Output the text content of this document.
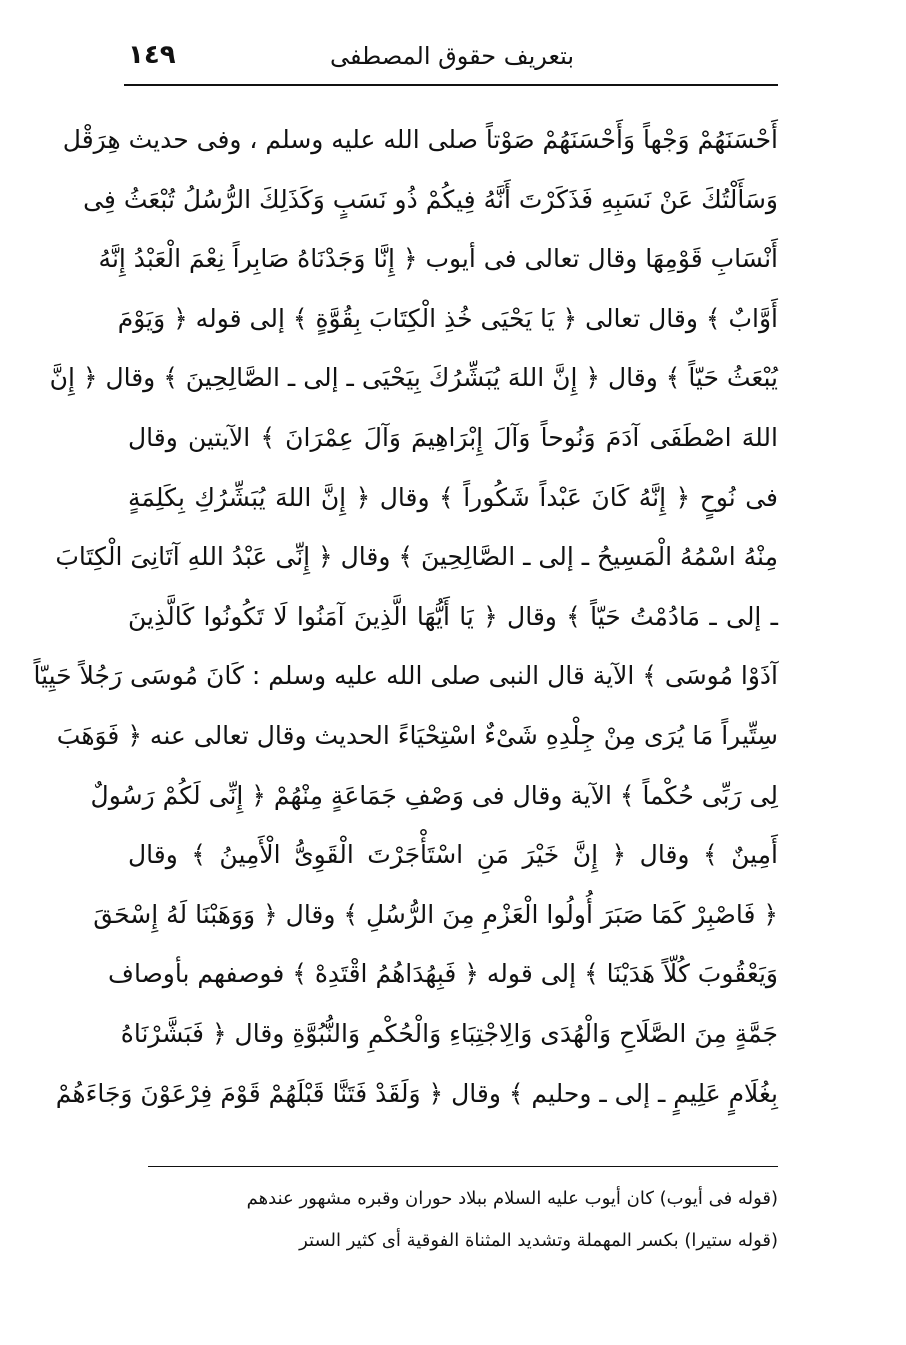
بتعريف حقوق المصطفى
١٤٩
أَحْسَنَهُمْ وَجْهاً وَأَحْسَنَهُمْ صَوْتاً صلى الله عليه وسلم ، وفى حديث هِرَقْل
وَسَأَلْتُكَ عَنْ نَسَبِهِ فَذَكَرْتَ أَنَّهُ فِيكُمْ ذُو نَسَبٍ وَكَذَلِكَ الرُّسُلُ تُبْعَثُ فِى
أَنْسَابِ قَوْمِهَا وقال تعالى فى أيوب ﴿ إِنَّا وَجَدْنَاهُ صَابِراً نِعْمَ الْعَبْدُ إِنَّهُ
أَوَّابٌ ﴾ وقال تعالى ﴿ يَا يَحْيَى خُذِ الْكِتَابَ بِقُوَّةٍ ﴾ إلى قوله ﴿ وَيَوْمَ
يُبْعَثُ حَيّاً ﴾ وقال ﴿ إِنَّ اللهَ يُبَشِّرُكَ بِيَحْيَى ـ إلى ـ الصَّالِحِينَ ﴾ وقال ﴿ إِنَّ
اللهَ اصْطَفَى آدَمَ وَنُوحاً وَآلَ إِبْرَاهِيمَ وَآلَ عِمْرَانَ ﴾ الآيتين وقال
فى نُوحٍ ﴿ إِنَّهُ كَانَ عَبْداً شَكُوراً ﴾ وقال ﴿ إِنَّ اللهَ يُبَشِّرُكِ بِكَلِمَةٍ
مِنْهُ اسْمُهُ الْمَسِيحُ ـ إلى ـ الصَّالِحِينَ ﴾ وقال ﴿ إِنِّى عَبْدُ اللهِ آتَانِىَ الْكِتَابَ
ـ إلى ـ مَادُمْتُ حَيّاً ﴾ وقال ﴿ يَا أَيُّهَا الَّذِينَ آمَنُوا لَا تَكُونُوا كَالَّذِينَ
آذَوْا مُوسَى ﴾ الآية قال النبى صلى الله عليه وسلم : كَانَ مُوسَى رَجُلاً حَيِيّاً
سِتِّيراً مَا يُرَى مِنْ جِلْدِهِ شَىْءٌ اسْتِحْيَاءً الحديث وقال تعالى عنه ﴿ فَوَهَبَ
لِى رَبِّى حُكْماً ﴾ الآية وقال فى وَصْفِ جَمَاعَةٍ مِنْهُمْ ﴿ إِنِّى لَكُمْ رَسُولٌ
أَمِينٌ ﴾ وقال ﴿ إِنَّ خَيْرَ مَنِ اسْتَأْجَرْتَ الْقَوِىُّ الْأَمِينُ ﴾ وقال
﴿ فَاصْبِرْ كَمَا صَبَرَ أُولُوا الْعَزْمِ مِنَ الرُّسُلِ ﴾ وقال ﴿ وَوَهَبْنَا لَهُ إِسْحَقَ
وَيَعْقُوبَ كُلّاً هَدَيْنَا ﴾ إلى قوله ﴿ فَبِهُدَاهُمُ اقْتَدِهْ ﴾ فوصفهم بأوصاف
جَمَّةٍ مِنَ الصَّلَاحِ وَالْهُدَى وَالِاجْتِبَاءِ وَالْحُكْمِ وَالنُّبُوَّةِ وقال ﴿ فَبَشَّرْنَاهُ
بِغُلَامٍ عَلِيمٍ ـ إلى ـ وحليم ﴾ وقال ﴿ وَلَقَدْ فَتَنَّا قَبْلَهُمْ قَوْمَ فِرْعَوْنَ وَجَاءَهُمْ
(قوله فى أيوب) كان أيوب عليه السلام ببلاد حوران وقبره مشهور عندهم
(قوله ستيرا) بكسر المهملة وتشديد المثناة الفوقية أى كثير الستر
